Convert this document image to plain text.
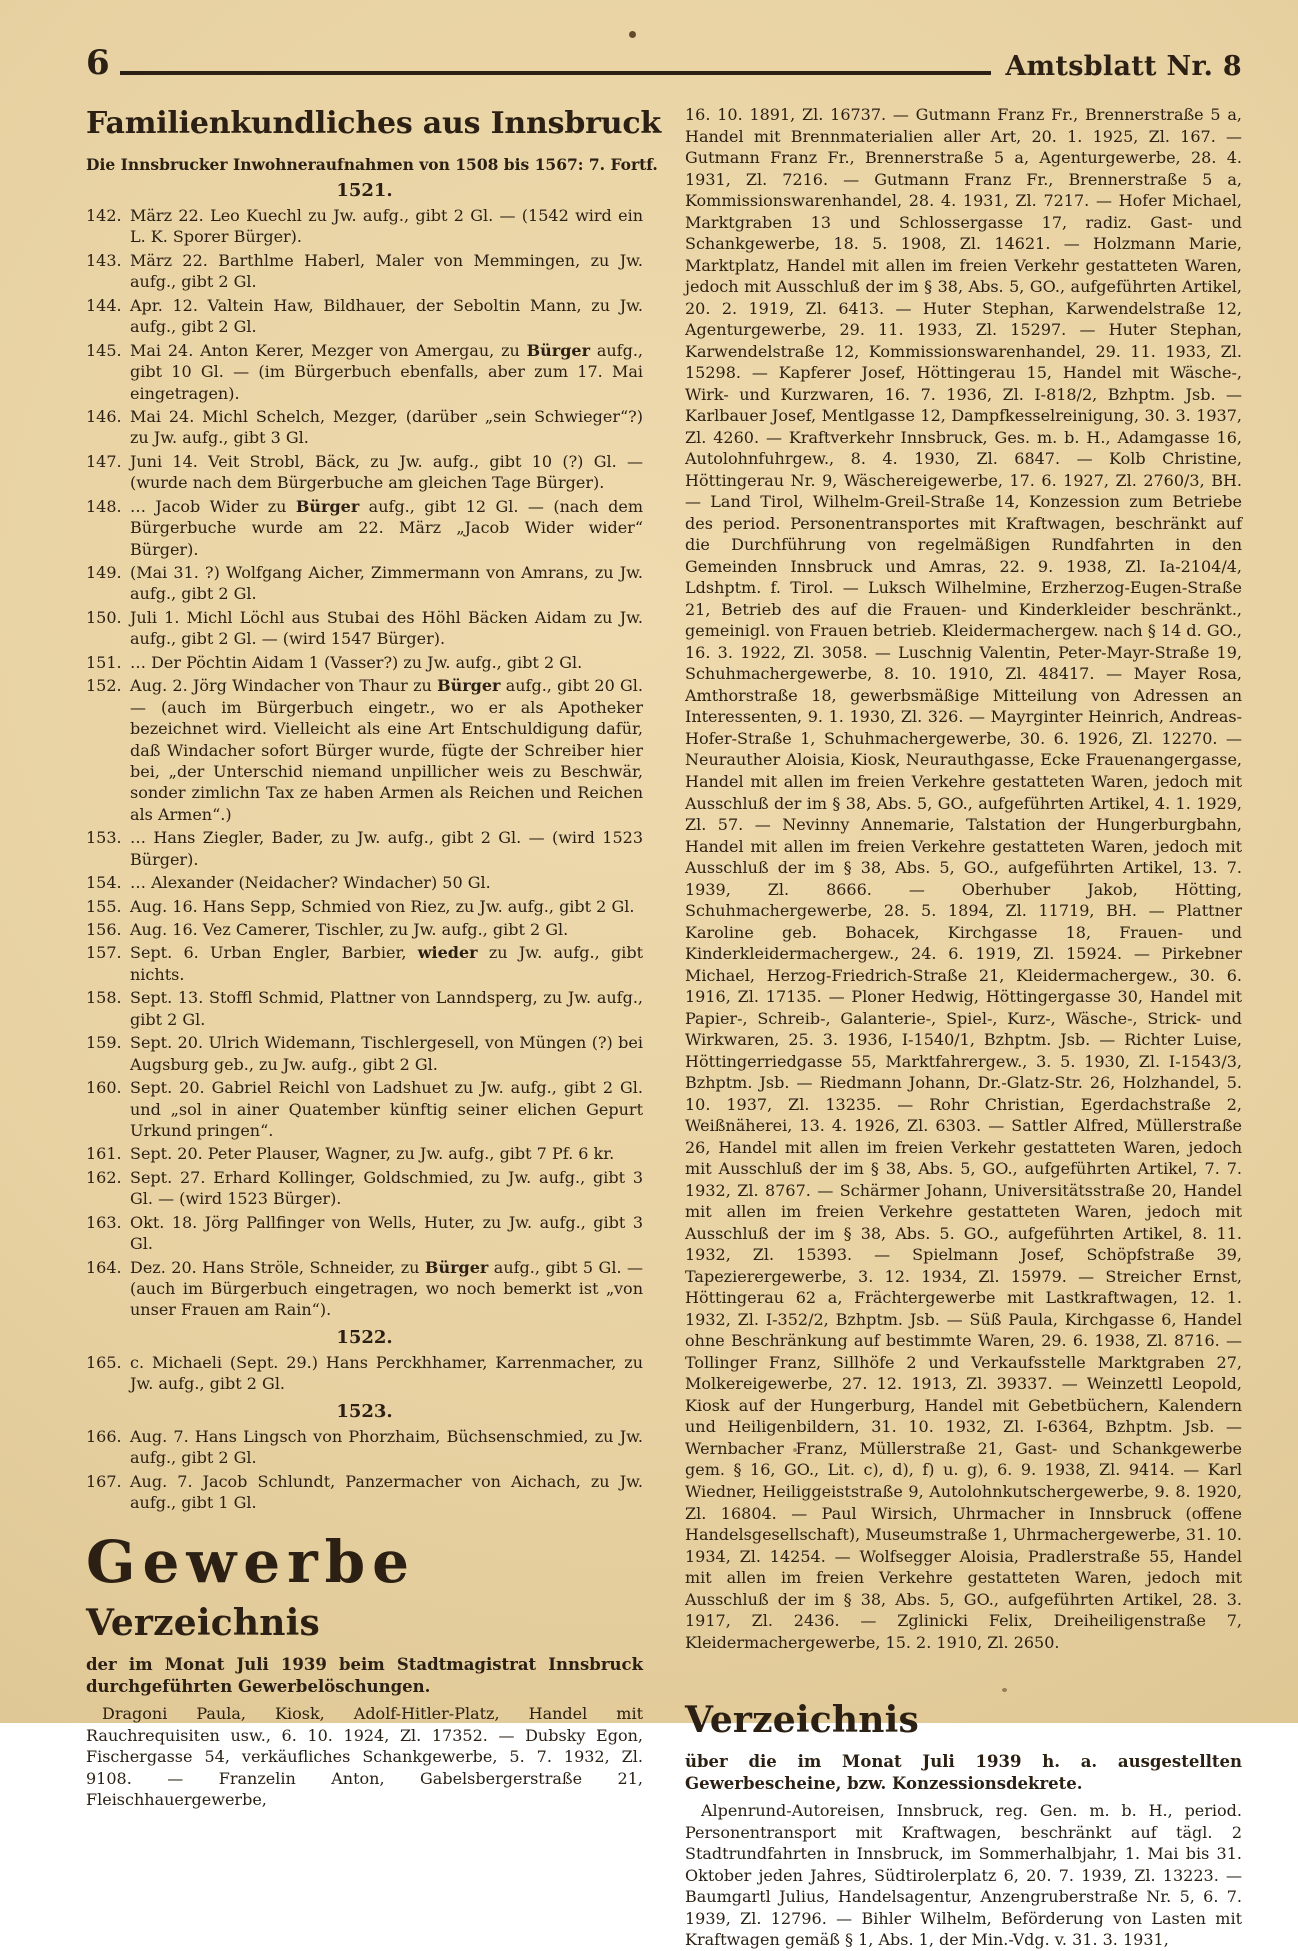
6	Amtsblatt Nr. 8
Familienkundliches aus Innsbruck

Die Innsbrucker Inwohneraufnahmen von 1508 bis 1567: 7. Fortf.

1521.
142. März 22. Leo Kuechl zu Jw. aufg., gibt 2 Gl. — (1542 wird ein L. K. Sporer Bürger).
143. März 22. Barthlme Haberl, Maler von Memmingen, zu Jw. aufg., gibt 2 Gl.
144. Apr. 12. Valtein Haw, Bildhauer, der Seboltin Mann, zu Jw. aufg., gibt 2 Gl.
145. Mai 24. Anton Kerer, Mezger von Amergau, zu Bürger aufg., gibt 10 Gl. — (im Bürgerbuch ebenfalls, aber zum 17. Mai eingetragen).
146. Mai 24. Michl Schelch, Mezger, (darüber „sein Schwieger“?) zu Jw. aufg., gibt 3 Gl.
147. Juni 14. Veit Strobl, Bäck, zu Jw. aufg., gibt 10 (?) Gl. — (wurde nach dem Bürgerbuche am gleichen Tage Bürger).
148. … Jacob Wider zu Bürger aufg., gibt 12 Gl. — (nach dem Bürgerbuche wurde am 22. März „Jacob Wider wider“ Bürger).
149. (Mai 31. ?) Wolfgang Aicher, Zimmermann von Amrans, zu Jw. aufg., gibt 2 Gl.
150. Juli 1. Michl Löchl aus Stubai des Höhl Bäcken Aidam zu Jw. aufg., gibt 2 Gl. — (wird 1547 Bürger).
151. … Der Pöchtin Aidam 1 (Vasser?) zu Jw. aufg., gibt 2 Gl.
152. Aug. 2. Jörg Windacher von Thaur zu Bürger aufg., gibt 20 Gl. — (auch im Bürgerbuch eingetr., wo er als Apotheker bezeichnet wird. Vielleicht als eine Art Entschuldigung dafür, daß Windacher sofort Bürger wurde, fügte der Schreiber hier bei, „der Unterschid niemand unpillicher weis zu Beschwär, sonder zimlichn Tax ze haben Armen als Reichen und Reichen als Armen“.)
153. … Hans Ziegler, Bader, zu Jw. aufg., gibt 2 Gl. — (wird 1523 Bürger).
154. … Alexander (Neidacher? Windacher) 50 Gl.
155. Aug. 16. Hans Sepp, Schmied von Riez, zu Jw. aufg., gibt 2 Gl.
156. Aug. 16. Vez Camerer, Tischler, zu Jw. aufg., gibt 2 Gl.
157. Sept. 6. Urban Engler, Barbier, wieder zu Jw. aufg., gibt nichts.
158. Sept. 13. Stoffl Schmid, Plattner von Lanndsperg, zu Jw. aufg., gibt 2 Gl.
159. Sept. 20. Ulrich Widemann, Tischlergesell, von Müngen (?) bei Augsburg geb., zu Jw. aufg., gibt 2 Gl.
160. Sept. 20. Gabriel Reichl von Ladshuet zu Jw. aufg., gibt 2 Gl. und „sol in ainer Quatember künftig seiner elichen Gepurt Urkund pringen“.
161. Sept. 20. Peter Plauser, Wagner, zu Jw. aufg., gibt 7 Pf. 6 kr.
162. Sept. 27. Erhard Kollinger, Goldschmied, zu Jw. aufg., gibt 3 Gl. — (wird 1523 Bürger).
163. Okt. 18. Jörg Pallfinger von Wells, Huter, zu Jw. aufg., gibt 3 Gl.
164. Dez. 20. Hans Ströle, Schneider, zu Bürger aufg., gibt 5 Gl. — (auch im Bürgerbuch eingetragen, wo noch bemerkt ist „von unser Frauen am Rain“).
1522.
165. c. Michaeli (Sept. 29.) Hans Perckhhamer, Karrenmacher, zu Jw. aufg., gibt 2 Gl.
1523.
166. Aug. 7. Hans Lingsch von Phorzhaim, Büchsenschmied, zu Jw. aufg., gibt 2 Gl.
167. Aug. 7. Jacob Schlundt, Panzermacher von Aichach, zu Jw. aufg., gibt 1 Gl.
Gewerbe
Verzeichnis

der im Monat Juli 1939 beim Stadtmagistrat Innsbruck durchgeführten Gewerbelöschungen.

Dragoni Paula, Kiosk, Adolf-Hitler-Platz, Handel mit Rauchrequisiten usw., 6. 10. 1924, Zl. 17352. — Dubsky Egon, Fischergasse 54, verkäufliches Schankgewerbe, 5. 7. 1932, Zl. 9108. — Franzelin Anton, Gabelsbergerstraße 21, Fleischhauergewerbe,

16. 10. 1891, Zl. 16737. — Gutmann Franz Fr., Brennerstraße 5 a, Handel mit Brennmaterialien aller Art, 20. 1. 1925, Zl. 167. — Gutmann Franz Fr., Brennerstraße 5 a, Agenturgewerbe, 28. 4. 1931, Zl. 7216. — Gutmann Franz Fr., Brennerstraße 5 a, Kommissionswarenhandel, 28. 4. 1931, Zl. 7217. — Hofer Michael, Marktgraben 13 und Schlossergasse 17, radiz. Gast- und Schankgewerbe, 18. 5. 1908, Zl. 14621. — Holzmann Marie, Marktplatz, Handel mit allen im freien Verkehr gestatteten Waren, jedoch mit Ausschluß der im § 38, Abs. 5, GO., aufgeführten Artikel, 20. 2. 1919, Zl. 6413. — Huter Stephan, Karwendelstraße 12, Agenturgewerbe, 29. 11. 1933, Zl. 15297. — Huter Stephan, Karwendelstraße 12, Kommissionswarenhandel, 29. 11. 1933, Zl. 15298. — Kapferer Josef, Höttingerau 15, Handel mit Wäsche-, Wirk- und Kurzwaren, 16. 7. 1936, Zl. I-818/2, Bzhptm. Jsb. — Karlbauer Josef, Mentlgasse 12, Dampfkesselreinigung, 30. 3. 1937, Zl. 4260. — Kraftverkehr Innsbruck, Ges. m. b. H., Adamgasse 16, Autolohnfuhrgew., 8. 4. 1930, Zl. 6847. — Kolb Christine, Höttingerau Nr. 9, Wäschereigewerbe, 17. 6. 1927, Zl. 2760/3, BH. — Land Tirol, Wilhelm-Greil-Straße 14, Konzession zum Betriebe des period. Personentransportes mit Kraftwagen, beschränkt auf die Durchführung von regelmäßigen Rundfahrten in den Gemeinden Innsbruck und Amras, 22. 9. 1938, Zl. Ia-2104/4, Ldshptm. f. Tirol. — Luksch Wilhelmine, Erzherzog-Eugen-Straße 21, Betrieb des auf die Frauen- und Kinderkleider beschränkt., gemeinigl. von Frauen betrieb. Kleidermachergew. nach § 14 d. GO., 16. 3. 1922, Zl. 3058. — Luschnig Valentin, Peter-Mayr-Straße 19, Schuhmachergewerbe, 8. 10. 1910, Zl. 48417. — Mayer Rosa, Amthorstraße 18, gewerbsmäßige Mitteilung von Adressen an Interessenten, 9. 1. 1930, Zl. 326. — Mayrginter Heinrich, Andreas-Hofer-Straße 1, Schuhmachergewerbe, 30. 6. 1926, Zl. 12270. — Neurauther Aloisia, Kiosk, Neurauthgasse, Ecke Frauenangergasse, Handel mit allen im freien Verkehre gestatteten Waren, jedoch mit Ausschluß der im § 38, Abs. 5, GO., aufgeführten Artikel, 4. 1. 1929, Zl. 57. — Nevinny Annemarie, Talstation der Hungerburgbahn, Handel mit allen im freien Verkehre gestatteten Waren, jedoch mit Ausschluß der im § 38, Abs. 5, GO., aufgeführten Artikel, 13. 7. 1939, Zl. 8666. — Oberhuber Jakob, Hötting, Schuhmachergewerbe, 28. 5. 1894, Zl. 11719, BH. — Plattner Karoline geb. Bohacek, Kirchgasse 18, Frauen- und Kinderkleidermachergew., 24. 6. 1919, Zl. 15924. — Pirkebner Michael, Herzog-Friedrich-Straße 21, Kleidermachergew., 30. 6. 1916, Zl. 17135. — Ploner Hedwig, Höttingergasse 30, Handel mit Papier-, Schreib-, Galanterie-, Spiel-, Kurz-, Wäsche-, Strick- und Wirkwaren, 25. 3. 1936, I-1540/1, Bzhptm. Jsb. — Richter Luise, Höttingerriedgasse 55, Marktfahrergew., 3. 5. 1930, Zl. I-1543/3, Bzhptm. Jsb. — Riedmann Johann, Dr.-Glatz-Str. 26, Holzhandel, 5. 10. 1937, Zl. 13235. — Rohr Christian, Egerdachstraße 2, Weißnäherei, 13. 4. 1926, Zl. 6303. — Sattler Alfred, Müllerstraße 26, Handel mit allen im freien Verkehr gestatteten Waren, jedoch mit Ausschluß der im § 38, Abs. 5, GO., aufgeführten Artikel, 7. 7. 1932, Zl. 8767. — Schärmer Johann, Universitätsstraße 20, Handel mit allen im freien Verkehre gestatteten Waren, jedoch mit Ausschluß der im § 38, Abs. 5. GO., aufgeführten Artikel, 8. 11. 1932, Zl. 15393. — Spielmann Josef, Schöpfstraße 39, Tapezierergewerbe, 3. 12. 1934, Zl. 15979. — Streicher Ernst, Höttingerau 62 a, Frächtergewerbe mit Lastkraftwagen, 12. 1. 1932, Zl. I-352/2, Bzhptm. Jsb. — Süß Paula, Kirchgasse 6, Handel ohne Beschränkung auf bestimmte Waren, 29. 6. 1938, Zl. 8716. — Tollinger Franz, Sillhöfe 2 und Verkaufsstelle Marktgraben 27, Molkereigewerbe, 27. 12. 1913, Zl. 39337. — Weinzettl Leopold, Kiosk auf der Hungerburg, Handel mit Gebetbüchern, Kalendern und Heiligenbildern, 31. 10. 1932, Zl. I-6364, Bzhptm. Jsb. — Wernbacher Franz, Müllerstraße 21, Gast- und Schankgewerbe gem. § 16, GO., Lit. c), d), f) u. g), 6. 9. 1938, Zl. 9414. — Karl Wiedner, Heiliggeiststraße 9, Autolohnkutschergewerbe, 9. 8. 1920, Zl. 16804. — Paul Wirsich, Uhrmacher in Innsbruck (offene Handelsgesellschaft), Museumstraße 1, Uhrmachergewerbe, 31. 10. 1934, Zl. 14254. — Wolfsegger Aloisia, Pradlerstraße 55, Handel mit allen im freien Verkehre gestatteten Waren, jedoch mit Ausschluß der im § 38, Abs. 5, GO., aufgeführten Artikel, 28. 3. 1917, Zl. 2436. — Zglinicki Felix, Dreiheiligenstraße 7, Kleidermachergewerbe, 15. 2. 1910, Zl. 2650.

Verzeichnis

über die im Monat Juli 1939 h. a. ausgestellten Gewerbescheine, bzw. Konzessionsdekrete.

Alpenrund-Autoreisen, Innsbruck, reg. Gen. m. b. H., period. Personentransport mit Kraftwagen, beschränkt auf tägl. 2 Stadtrundfahrten in Innsbruck, im Sommerhalbjahr, 1. Mai bis 31. Oktober jeden Jahres, Südtirolerplatz 6, 20. 7. 1939, Zl. 13223. — Baumgartl Julius, Handelsagentur, Anzengruberstraße Nr. 5, 6. 7. 1939, Zl. 12796. — Bihler Wilhelm, Beförderung von Lasten mit Kraftwagen gemäß § 1, Abs. 1, der Min.-Vdg. v. 31. 3. 1931,
